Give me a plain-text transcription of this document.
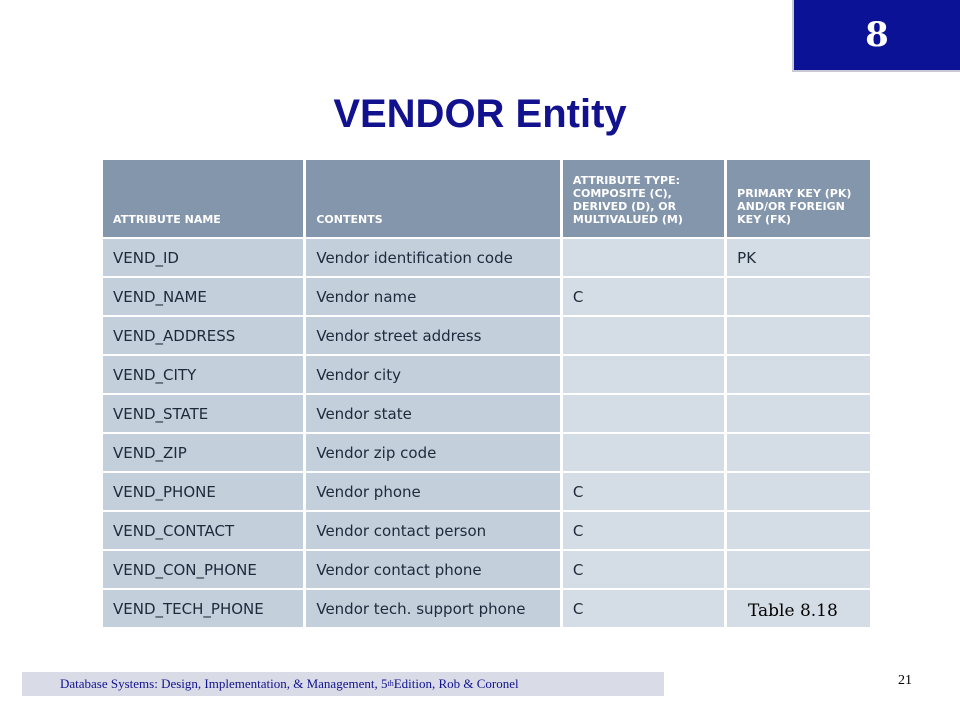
8
VENDOR Entity
ATTRIBUTE NAME	CONTENTS	ATTRIBUTE TYPE: COMPOSITE (C), DERIVED (D), OR MULTIVALUED (M)	PRIMARY KEY (PK) AND/OR FOREIGN KEY (FK)
VEND_ID	Vendor identification code		PK
VEND_NAME	Vendor name	C	
VEND_ADDRESS	Vendor street address		
VEND_CITY	Vendor city		
VEND_STATE	Vendor state		
VEND_ZIP	Vendor zip code		
VEND_PHONE	Vendor phone	C	
VEND_CONTACT	Vendor contact person	C	
VEND_CON_PHONE	Vendor contact phone	C	
VEND_TECH_PHONE	Vendor tech. support phone	C		Table 8.18
Database Systems: Design, Implementation, & Management, 5 th Edition, Rob & Coronel	21
